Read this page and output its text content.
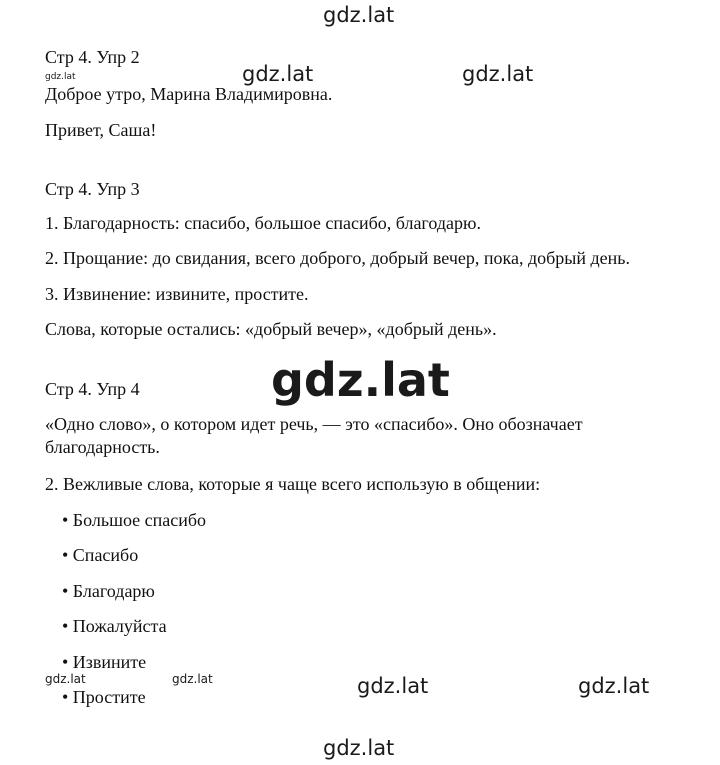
gdz.lat
gdz.lat	gdz.lat	gdz.lat
gdz.lat
gdz.lat	gdz.lat	gdz.lat	gdz.lat
gdz.lat
Стр 4. Упр 2
Доброе утро, Марина Владимировна.
Привет, Саша!
Стр 4. Упр 3
1. Благодарность: спасибо, большое спасибо, благодарю.
2. Прощание: до свидания, всего доброго, добрый вечер, пока, добрый день.
3. Извинение: извините, простите.
Слова, которые остались: «добрый вечер», «добрый день».
Стр 4. Упр 4
«Одно слово», о котором идет речь, — это «спасибо». Оно обозначает
благодарность.
2. Вежливые слова, которые я чаще всего использую в общении:
• Большое спасибо
• Спасибо
• Благодарю
• Пожалуйста
• Извините
• Простите
